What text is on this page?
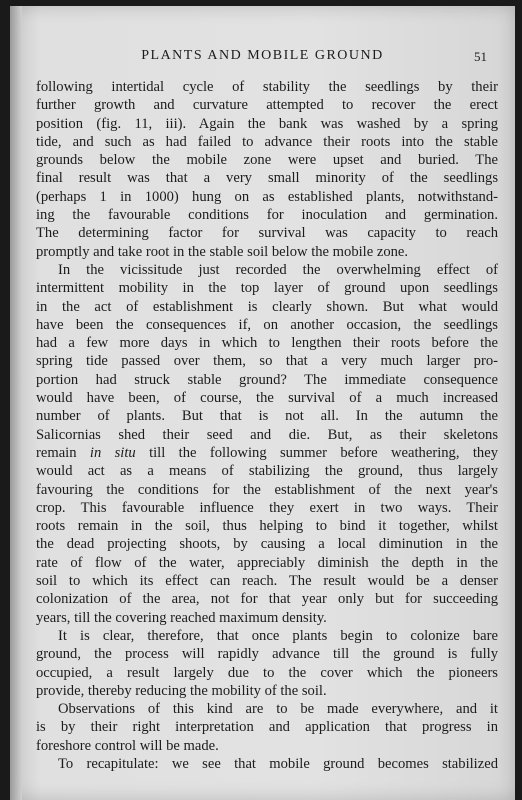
PLANTS AND MOBILE GROUND	51
following intertidal cycle of stability the seedlings by their
further growth and curvature attempted to recover the erect
position (fig. 11, iii). Again the bank was washed by a spring
tide, and such as had failed to advance their roots into the stable
grounds below the mobile zone were upset and buried. The
final result was that a very small minority of the seedlings
(perhaps 1 in 1000) hung on as established plants, notwithstand-
ing the favourable conditions for inoculation and germination.
The determining factor for survival was capacity to reach
promptly and take root in the stable soil below the mobile zone.
In the vicissitude just recorded the overwhelming effect of
intermittent mobility in the top layer of ground upon seedlings
in the act of establishment is clearly shown. But what would
have been the consequences if, on another occasion, the seedlings
had a few more days in which to lengthen their roots before the
spring tide passed over them, so that a very much larger pro-
portion had struck stable ground? The immediate consequence
would have been, of course, the survival of a much increased
number of plants. But that is not all. In the autumn the
Salicornias shed their seed and die. But, as their skeletons
remain in situ till the following summer before weathering, they
would act as a means of stabilizing the ground, thus largely
favouring the conditions for the establishment of the next year's
crop. This favourable influence they exert in two ways. Their
roots remain in the soil, thus helping to bind it together, whilst
the dead projecting shoots, by causing a local diminution in the
rate of flow of the water, appreciably diminish the depth in the
soil to which its effect can reach. The result would be a denser
colonization of the area, not for that year only but for succeeding
years, till the covering reached maximum density.
It is clear, therefore, that once plants begin to colonize bare
ground, the process will rapidly advance till the ground is fully
occupied, a result largely due to the cover which the pioneers
provide, thereby reducing the mobility of the soil.
Observations of this kind are to be made everywhere, and it
is by their right interpretation and application that progress in
foreshore control will be made.
To recapitulate: we see that mobile ground becomes stabilized
